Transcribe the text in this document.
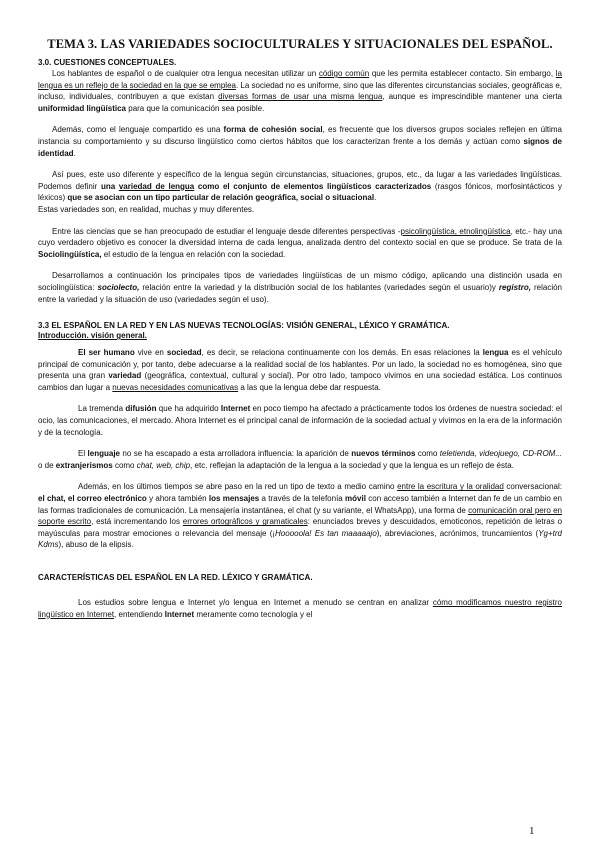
TEMA 3. LAS VARIEDADES SOCIOCULTURALES Y SITUACIONALES DEL ESPAÑOL.
3.0. CUESTIONES CONCEPTUALES.

Los hablantes de español o de cualquier otra lengua necesitan utilizar un código común que les permita establecer contacto. Sin embargo, la lengua es un reflejo de la sociedad en la que se emplea. La sociedad no es uniforme, sino que las diferentes circunstancias sociales, geográficas e, incluso, individuales, contribuyen a que existan diversas formas de usar una misma lengua, aunque es imprescindible mantener una cierta uniformidad lingüística para que la comunicación sea posible.

Además, como el lenguaje compartido es una forma de cohesión social, es frecuente que los diversos grupos sociales reflejen en última instancia su comportamiento y su discurso lingüístico como ciertos hábitos que los caracterizan frente a los demás y actúan como signos de identidad.

Así pues, este uso diferente y específico de la lengua según circunstancias, situaciones, grupos, etc., da lugar a las variedades lingüísticas. Podemos definir una variedad de lengua como el conjunto de elementos lingüísticos caracterizados (rasgos fónicos, morfosintácticos y léxicos) que se asocian con un tipo particular de relación geográfica, social o situacional.

Estas variedades son, en realidad, muchas y muy diferentes.

Entre las ciencias que se han preocupado de estudiar el lenguaje desde diferentes perspectivas -psicolingüística, etnolingüística, etc.- hay una cuyo verdadero objetivo es conocer la diversidad interna de cada lengua, analizada dentro del contexto social en que se produce. Se trata de la Sociolingüística, el estudio de la lengua en relación con la sociedad.

Desarrollamos a continuación los principales tipos de variedades lingüísticas de un mismo código, aplicando una distinción usada en sociolingüística: sociolecto, relación entre la variedad y la distribución social de los hablantes (variedades según el usuario)y registro, relación entre la variedad y la situación de uso (variedades según el uso).

3.3 EL ESPAÑOL EN LA RED Y EN LAS NUEVAS TECNOLOGÍAS: VISIÓN GENERAL, LÉXICO Y GRAMÁTICA.
Introducción. visión general.

El ser humano vive en sociedad, es decir, se relaciona continuamente con los demás. En esas relaciones la lengua es el vehículo principal de comunicación y, por tanto, debe adecuarse a la realidad social de los hablantes. Por un lado, la sociedad no es homogénea, sino que presenta una gran variedad (geográfica, contextual, cultural y social). Por otro lado, tampoco vivimos en una sociedad estática. Los continuos cambios dan lugar a nuevas necesidades comunicativas a las que la lengua debe dar respuesta.

La tremenda difusión que ha adquirido Internet en poco tiempo ha afectado a prácticamente todos los órdenes de nuestra sociedad: el ocio, las comunicaciones, el mercado. Ahora Internet es el principal canal de información de la sociedad actual y vivimos en la era de la información y de la tecnología.

El lenguaje no se ha escapado a esta arrolladora influencia: la aparición de nuevos términos como teletienda, videojuego, CD-ROM... o de extranjerismos como chat, web, chip, etc. reflejan la adaptación de la lengua a la sociedad y que la lengua es un reflejo de ésta.

Además, en los últimos tiempos se abre paso en la red un tipo de texto a medio camino entre la escritura y la oralidad conversacional: el chat, el correo electrónico y ahora también los mensajes a través de la telefonía móvil con acceso también a Internet dan fe de un cambio en las formas tradicionales de comunicación. La mensajería instantánea, el chat (y su variante, el WhatsApp), una forma de comunicación oral pero en soporte escrito, está incrementando los errores ortográficos y gramaticales: enunciados breves y descuidados, emoticonos, repetición de letras o mayúsculas para mostrar emociones o relevancia del mensaje (¡Hooooola! Es tan maaaaajo), abreviaciones, acrónimos, truncamientos (Yg+trd Kdms), abuso de la elipsis.

CARACTERÍSTICAS DEL ESPAÑOL EN LA RED. LÉXICO Y GRAMÁTICA.

Los estudios sobre lengua e Internet y/o lengua en Internet a menudo se centran en analizar cómo modificamos nuestro registro lingüístico en Internet, entendiendo Internet meramente como tecnología y el

1
